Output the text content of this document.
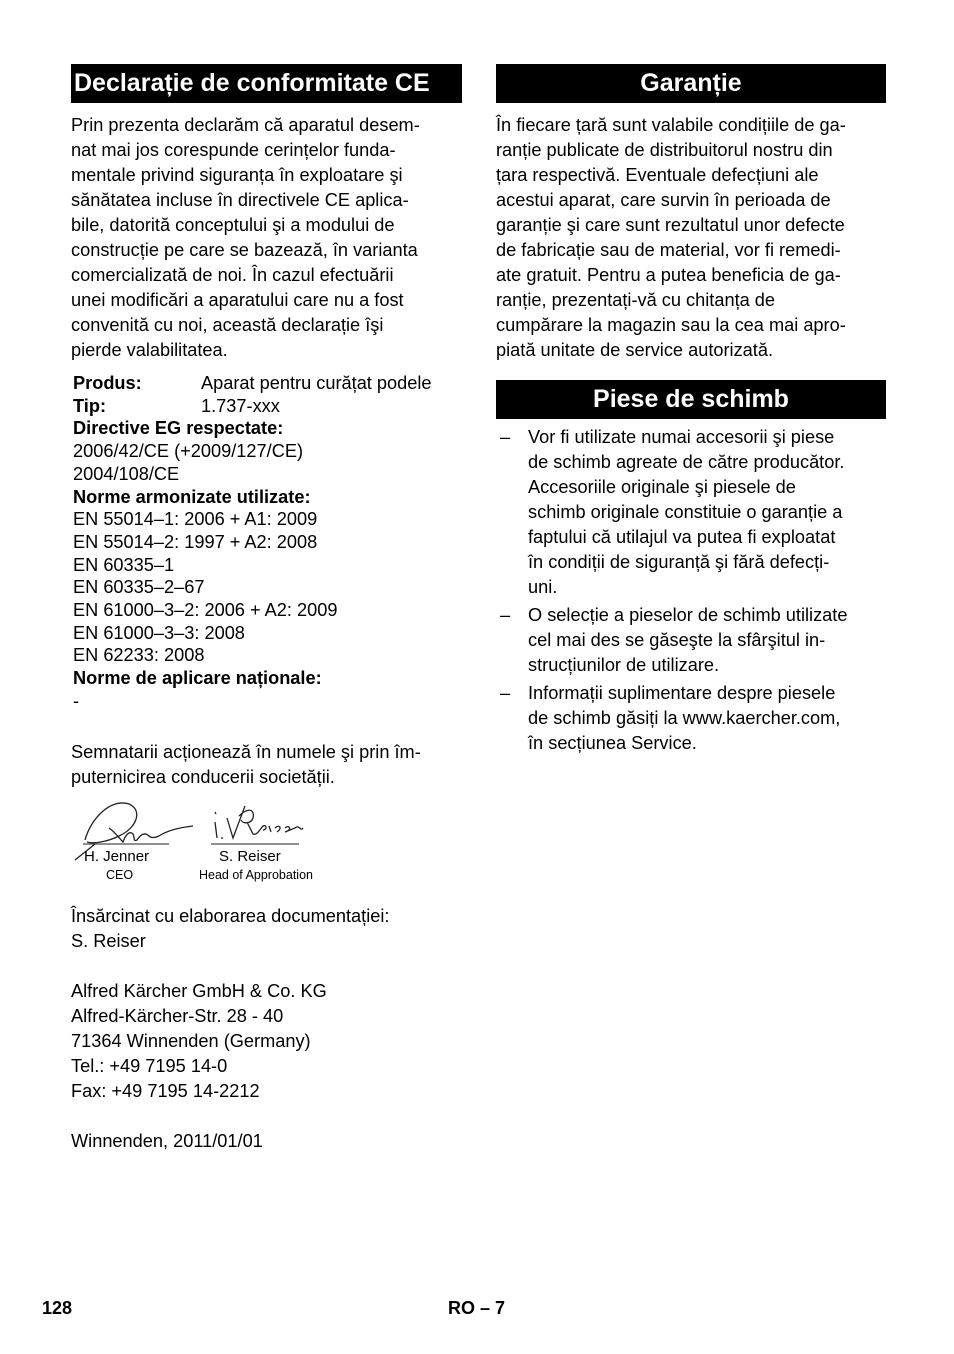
Declarație de conformitate CE

Prin prezenta declarăm că aparatul desem-
nat mai jos corespunde cerințelor funda-
mentale privind siguranța în exploatare şi
sănătatea incluse în directivele CE aplica-
bile, datorită conceptului şi a modului de
construcție pe care se bazează, în varianta
comercializată de noi. În cazul efectuării
unei modificări a aparatului care nu a fost
convenită cu noi, această declarație îşi
pierde valabilitatea.

Produs:	Aparat pentru curățat podele
Tip:	1.737-xxx
Directive EG respectate:
2006/42/CE (+2009/127/CE)
2004/108/CE
Norme armonizate utilizate:
EN 55014–1: 2006 + A1: 2009
EN 55014–2: 1997 + A2: 2008
EN 60335–1
EN 60335–2–67
EN 61000–3–2: 2006 + A2: 2009
EN 61000–3–3: 2008
EN 62233: 2008
Norme de aplicare naționale:
-
Semnatarii acționează în numele şi prin îm-
puternicirea conducerii societății.
H. Jenner
CEO
S. Reiser
Head of Approbation
Însărcinat cu elaborarea documentației:
S. Reiser
Alfred Kärcher GmbH & Co. KG
Alfred-Kärcher-Str. 28 - 40
71364 Winnenden (Germany)
Tel.: +49 7195 14-0
Fax: +49 7195 14-2212
Winnenden, 2011/01/01
Garanție

În fiecare țară sunt valabile condițiile de ga-
ranție publicate de distribuitorul nostru din
țara respectivă. Eventuale defecțiuni ale
acestui aparat, care survin în perioada de
garanție şi care sunt rezultatul unor defecte
de fabricație sau de material, vor fi remedi-
ate gratuit. Pentru a putea beneficia de ga-
ranție, prezentați-vă cu chitanța de
cumpărare la magazin sau la cea mai apro-
piată unitate de service autorizată.

Piese de schimb
– Vor fi utilizate numai accesorii şi piese
de schimb agreate de către producător.
Accesoriile originale şi piesele de
schimb originale constituie o garanție a
faptului că utilajul va putea fi exploatat
în condiții de siguranță şi fără defecți-
uni.
– O selecție a pieselor de schimb utilizate
cel mai des se găseşte la sfârşitul in-
strucțiunilor de utilizare.
– Informații suplimentare despre piesele
de schimb găsiți la www.kaercher.com,
în secțiunea Service.
128	RO – 7
